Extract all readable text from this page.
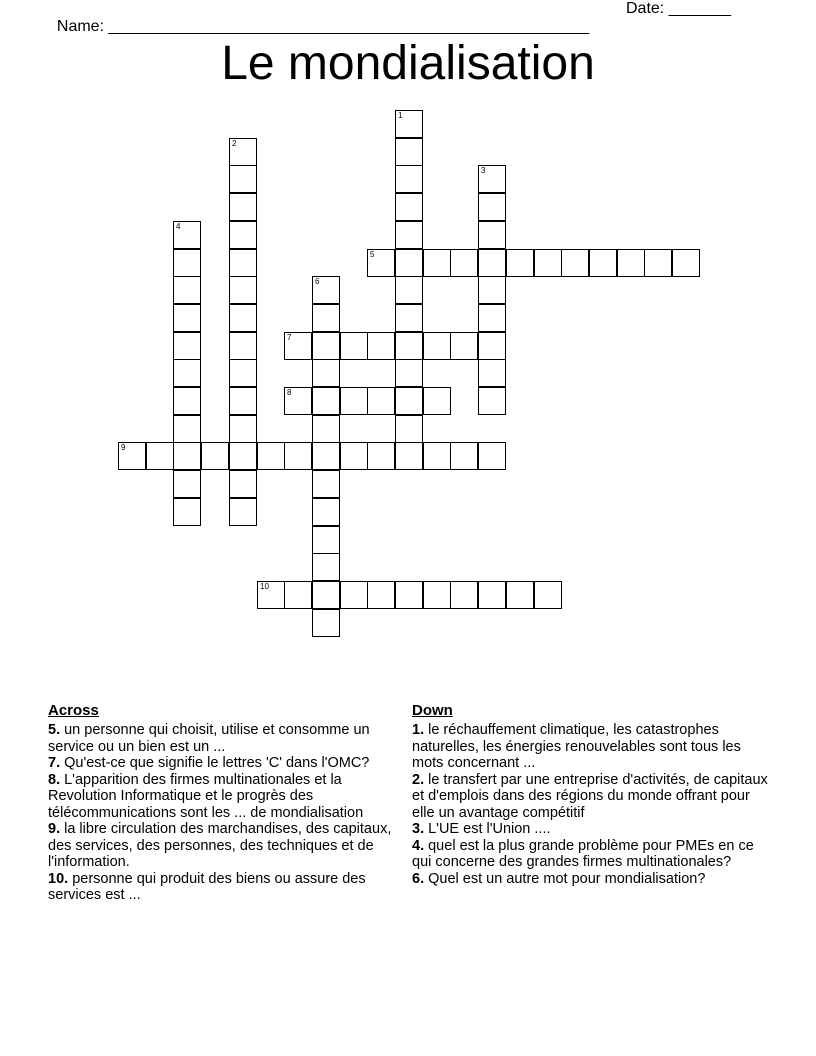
Name: ______________________________________________________

Date: _______

Le mondialisation
1
2
3
4
5
6
7
8
9
10
Across

5. un personne qui choisit, utilise et consomme un service ou un bien est un ...

7. Qu'est-ce que signifie le lettres 'C' dans l'OMC?

8. L'apparition des firmes multinationales et la Revolution Informatique et le progrès des télécommunications sont les ... de mondialisation

9. la libre circulation des marchandises, des capitaux, des services, des personnes, des techniques et de l'information.

10. personne qui produit des biens ou assure des services est ...

Down

1. le réchauffement climatique, les catastrophes naturelles, les énergies renouvelables sont tous les mots concernant ...

2. le transfert par une entreprise d'activités, de capitaux et d'emplois dans des régions du monde offrant pour elle un avantage compétitif

3. L'UE est l'Union ....

4. quel est la plus grande problème pour PMEs en ce qui concerne des grandes firmes multinationales?

6. Quel est un autre mot pour mondialisation?
